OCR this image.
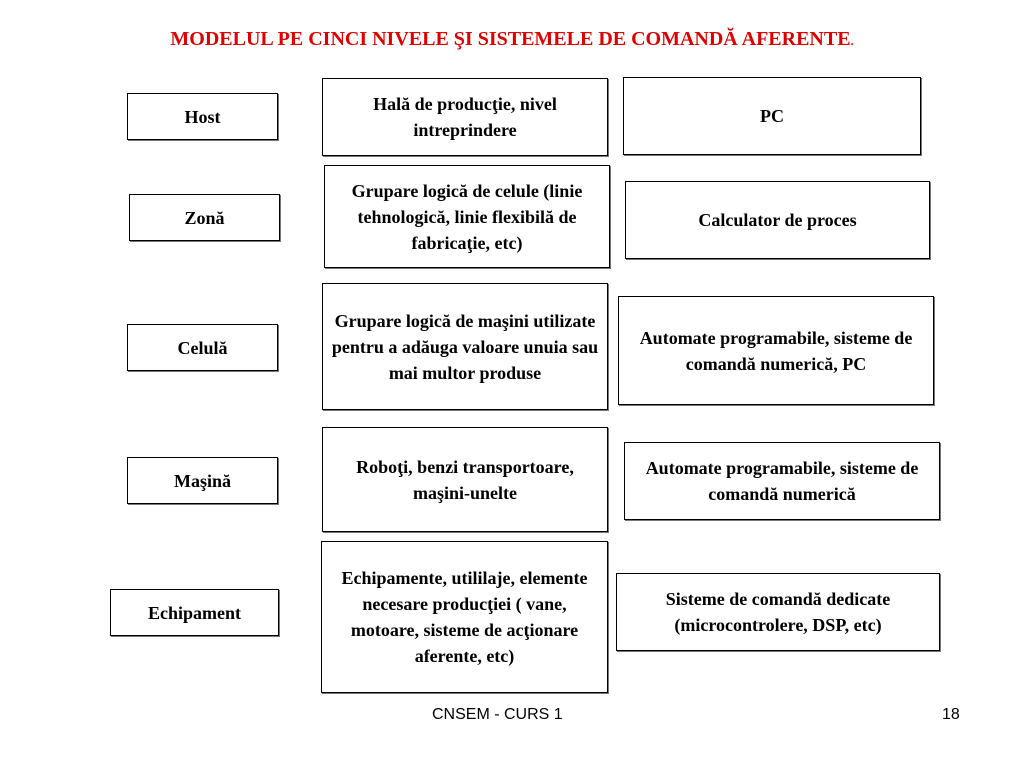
MODELUL PE CINCI NIVELE ŞI SISTEMELE DE COMANDĂ AFERENTE.
Host
Zonă
Celulă
Maşină
Echipament
Hală de producţie, nivel intreprindere
Grupare logică de celule (linie tehnologică, linie flexibilă de fabricaţie, etc)
Grupare logică de maşini utilizate pentru a adăuga valoare unuia sau mai multor produse
Roboţi, benzi transportoare, maşini-unelte
Echipamente, utililaje, elemente necesare producţiei ( vane, motoare, sisteme de acţionare aferente, etc)
PC
Calculator de proces
Automate programabile, sisteme de comandă numerică, PC
Automate programabile, sisteme de comandă numerică
Sisteme de comandă dedicate (microcontrolere, DSP, etc)
CNSEM - CURS 1	18
